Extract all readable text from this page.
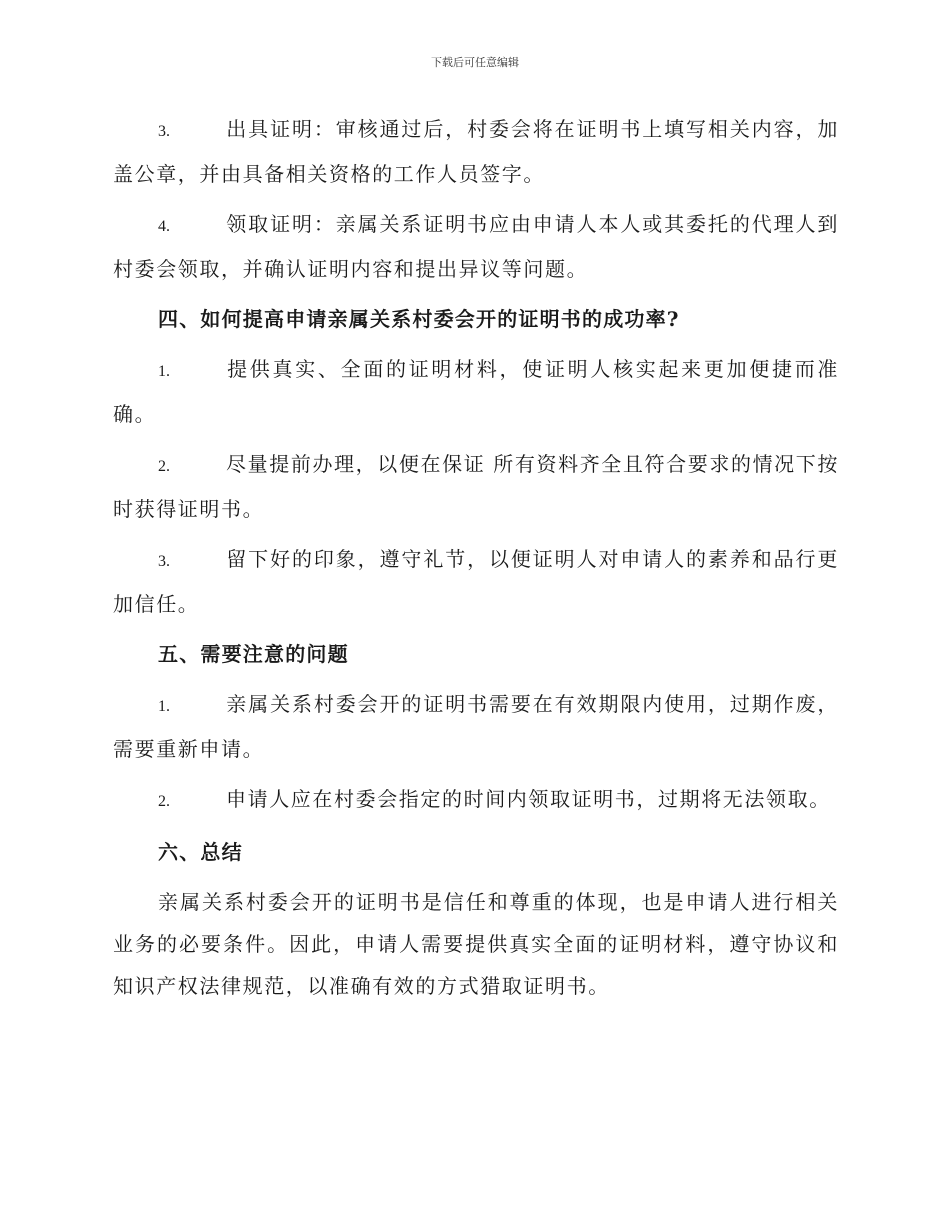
下载后可任意编辑

3.	出具证明：审核通过后，村委会将在证明书上填写相关内容，加盖公章，并由具备相关资格的工作人员签字。

4.	领取证明：亲属关系证明书应由申请人本人或其委托的代理人到村委会领取，并确认证明内容和提出异议等问题。

四、如何提高申请亲属关系村委会开的证明书的成功率?

1.	提供真实、全面的证明材料，使证明人核实起来更加便捷而准确。

2.	尽量提前办理，以便在保证 所有资料齐全且符合要求的情况下按时获得证明书。

3.	留下好的印象，遵守礼节，以便证明人对申请人的素养和品行更加信任。

五、需要注意的问题

1.	亲属关系村委会开的证明书需要在有效期限内使用，过期作废，需要重新申请。

2.	申请人应在村委会指定的时间内领取证明书，过期将无法领取。

六、总结

亲属关系村委会开的证明书是信任和尊重的体现，也是申请人进行相关业务的必要条件。因此，申请人需要提供真实全面的证明材料，遵守协议和知识产权法律规范，以准确有效的方式猎取证明书。
